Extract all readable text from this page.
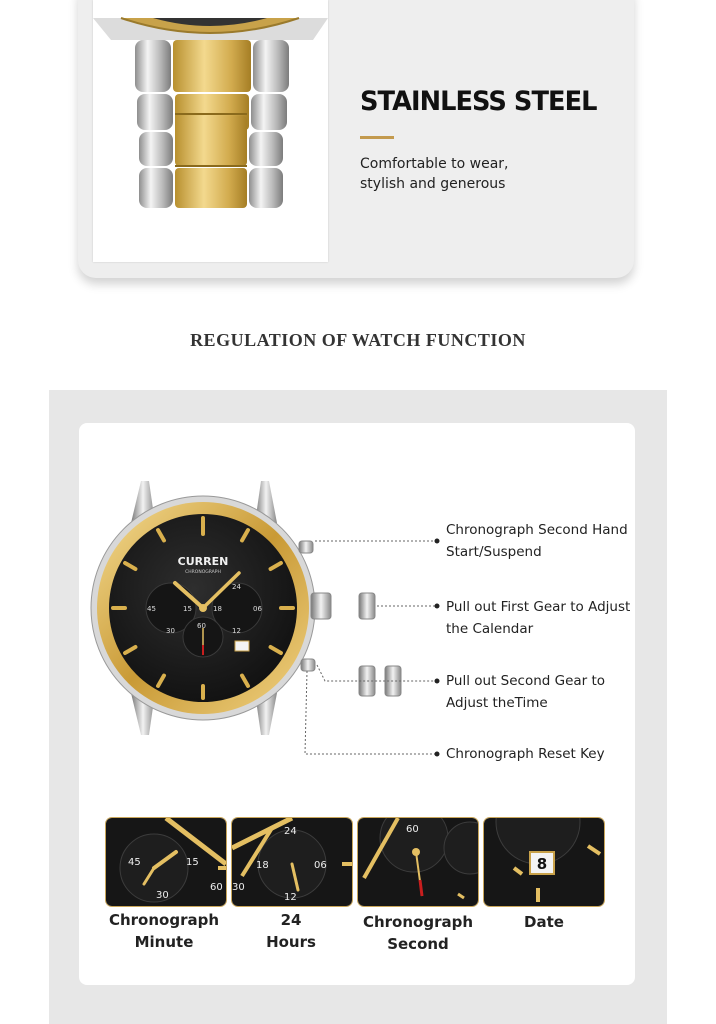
STAINLESS STEEL
Comfortable to wear,
stylish and generous
REGULATION OF WATCH FUNCTION
45	15
30
24
18	06
12
60
CURREN
CHRONOGRAPH
Chronograph Second Hand
Start/Suspend
Pull out First Gear to Adjust
the Calendar
Pull out Second Gear to
Adjust theTime
Chronograph Reset Key
45	15
30
60
24
18	06
12
30
60
8
Chronograph
Minute
24
Hours
Chronograph
Second
Date
